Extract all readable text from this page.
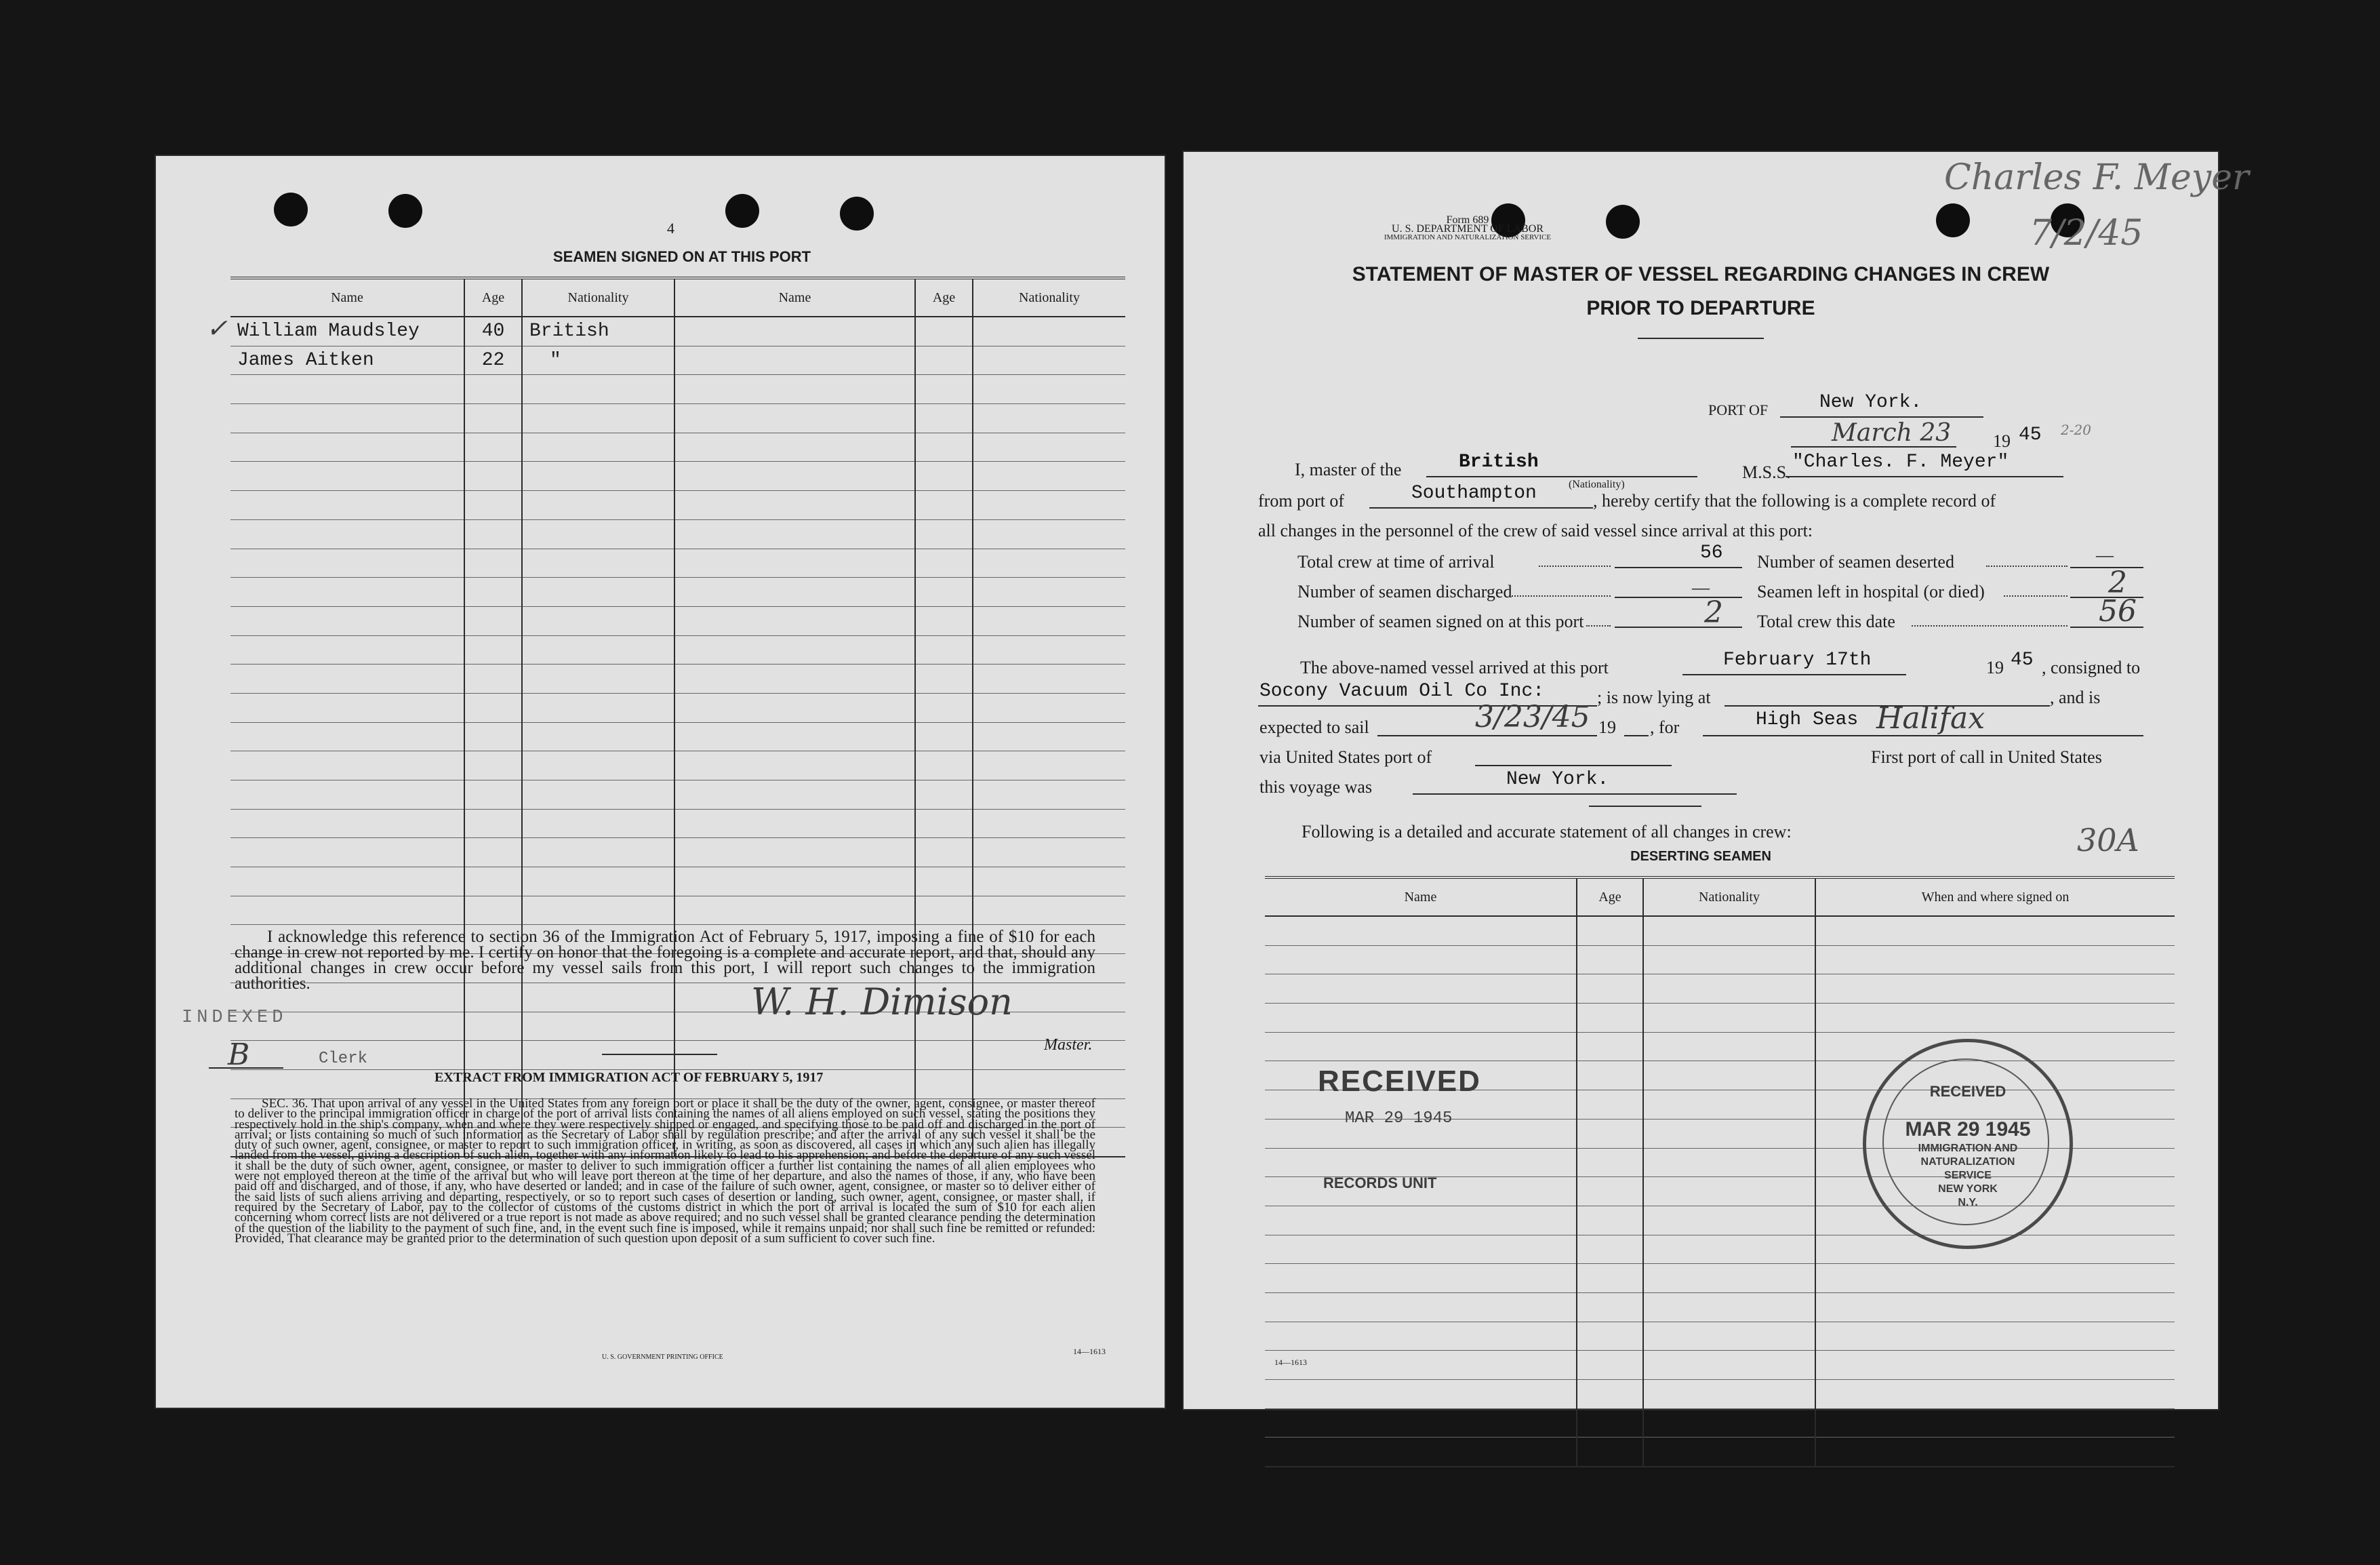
4
SEAMEN SIGNED ON AT THIS PORT
Name	Age	Nationality	Name	Age	Nationality

✓ William Maudsley	40	British			
James Aitken	22	"			

I acknowledge this reference to section 36 of the Immigration Act of February 5, 1917, imposing a fine of $10 for each change in crew not reported by me. I certify on honor that the foregoing is a complete and accurate report, and that, should any additional changes in crew occur before my vessel sails from this port, I will report such changes to the immigration authorities.	W. H. Dimison
Master.
INDEXED
B	Clerk
EXTRACT FROM IMMIGRATION ACT OF FEBRUARY 5, 1917
SEC. 36. That upon arrival of any vessel in the United States from any foreign port or place it shall be the duty of the owner, agent, consignee, or master thereof to deliver to the principal immigration officer in charge of the port of arrival lists containing the names of all aliens employed on such vessel, stating the positions they respectively hold in the ship's company, when and where they were respectively shipped or engaged, and specifying those to be paid off and discharged in the port of arrival; or lists containing so much of such information as the Secretary of Labor shall by regulation prescribe; and after the arrival of any such vessel it shall be the duty of such owner, agent, consignee, or master to report to such immigration officer, in writing, as soon as discovered, all cases in which any such alien has illegally landed from the vessel, giving a description of such alien, together with any information likely to lead to his apprehension; and before the departure of any such vessel it shall be the duty of such owner, agent, consignee, or master to deliver to such immigration officer a further list containing the names of all alien employees who were not employed thereon at the time of the arrival but who will leave port thereon at the time of her departure, and also the names of those, if any, who have been paid off and discharged, and of those, if any, who have deserted or landed; and in case of the failure of such owner, agent, consignee, or master so to deliver either of the said lists of such aliens arriving and departing, respectively, or so to report such cases of desertion or landing, such owner, agent, consignee, or master shall, if required by the Secretary of Labor, pay to the collector of customs of the customs district in which the port of arrival is located the sum of $10 for each alien concerning whom correct lists are not delivered or a true report is not made as above required; and no such vessel shall be granted clearance pending the determination of the question of the liability to the payment of such fine, and, in the event such fine is imposed, while it remains unpaid; nor shall such fine be remitted or refunded: Provided, That clearance may be granted prior to the determination of such question upon deposit of a sum sufficient to cover such fine.
U. S. GOVERNMENT PRINTING OFFICE
14—1613
Form 689
U. S. DEPARTMENT OF LABOR
IMMIGRATION AND NATURALIZATION SERVICE
Charles F. Meyer
7/2/45
STATEMENT OF MASTER OF VESSEL REGARDING CHANGES IN CREW
PRIOR TO DEPARTURE
PORT OF	New York.
March 23 19 45 2-20
I, master of the	British
(Nationality)
M.S.S. "Charles. F. Meyer"
from port of	Southampton	, hereby certify that the following is a complete record of
all changes in the personnel of the crew of said vessel since arrival at this port:
Total crew at time of arrival	56
Number of seamen discharged	—
Number of seamen signed on at this port	2
Number of seamen deserted	—
Seamen left in hospital (or died)	2
Total crew this date	56
The above-named vessel arrived at this port	February 17th	19 45 , consigned to
Socony Vacuum Oil Co Inc:	; is now lying at	, and is
expected to sail	3/23/45 19 , for	High Seas Halifax
via United States port of	First port of call in United States
this voyage was	New York.
Following is a detailed and accurate statement of all changes in crew:	30A
DESERTING SEAMEN
Name	Age	Nationality	When and where signed on

RECEIVED
MAR 29 1945
RECORDS UNIT
RECEIVED
MAR 29 1945
IMMIGRATION AND
NATURALIZATION
SERVICE
NEW YORK
N.Y.
14—1613
